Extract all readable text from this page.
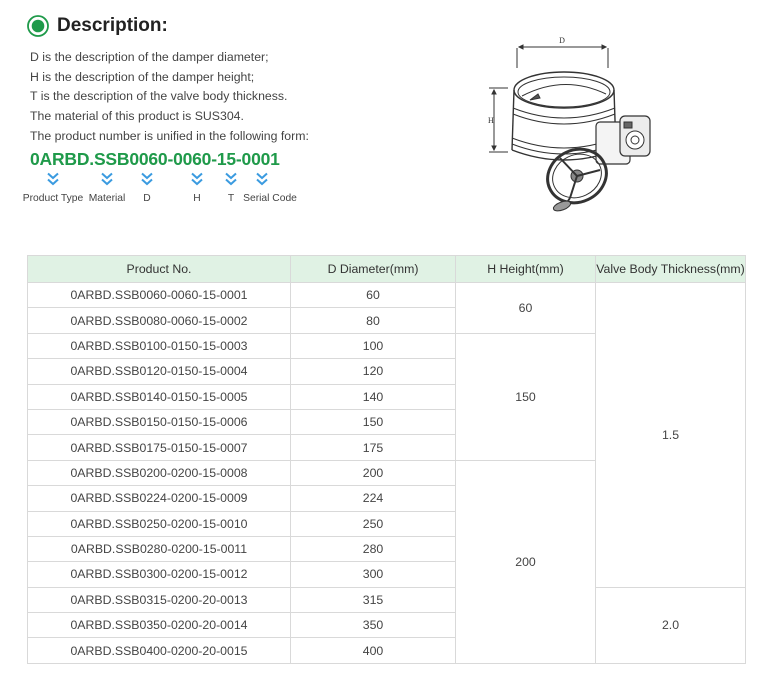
Description:
D is the description of the damper diameter;
H is the description of the damper height;
T is the description of the valve body thickness.
The material of this product is SUS304.
The product number is unified in the following form:
0ARBD.SSB0060-0060-15-0001
Product Type Material D	H	T Serial Code
D
H
Product No.	D Diameter(mm)	H Height(mm)	Valve Body Thickness(mm)
0ARBD.SSB0060-0060-15-0001	60	60	1.5
0ARBD.SSB0080-0060-15-0002	80		
0ARBD.SSB0100-0150-15-0003	100	150	
0ARBD.SSB0120-0150-15-0004	120		
0ARBD.SSB0140-0150-15-0005	140		
0ARBD.SSB0150-0150-15-0006	150		
0ARBD.SSB0175-0150-15-0007	175		
0ARBD.SSB0200-0200-15-0008	200	200	
0ARBD.SSB0224-0200-15-0009	224		
0ARBD.SSB0250-0200-15-0010	250		
0ARBD.SSB0280-0200-15-0011	280		
0ARBD.SSB0300-0200-15-0012	300		
0ARBD.SSB0315-0200-20-0013	315		2.0
0ARBD.SSB0350-0200-20-0014	350		
0ARBD.SSB0400-0200-20-0015	400		
